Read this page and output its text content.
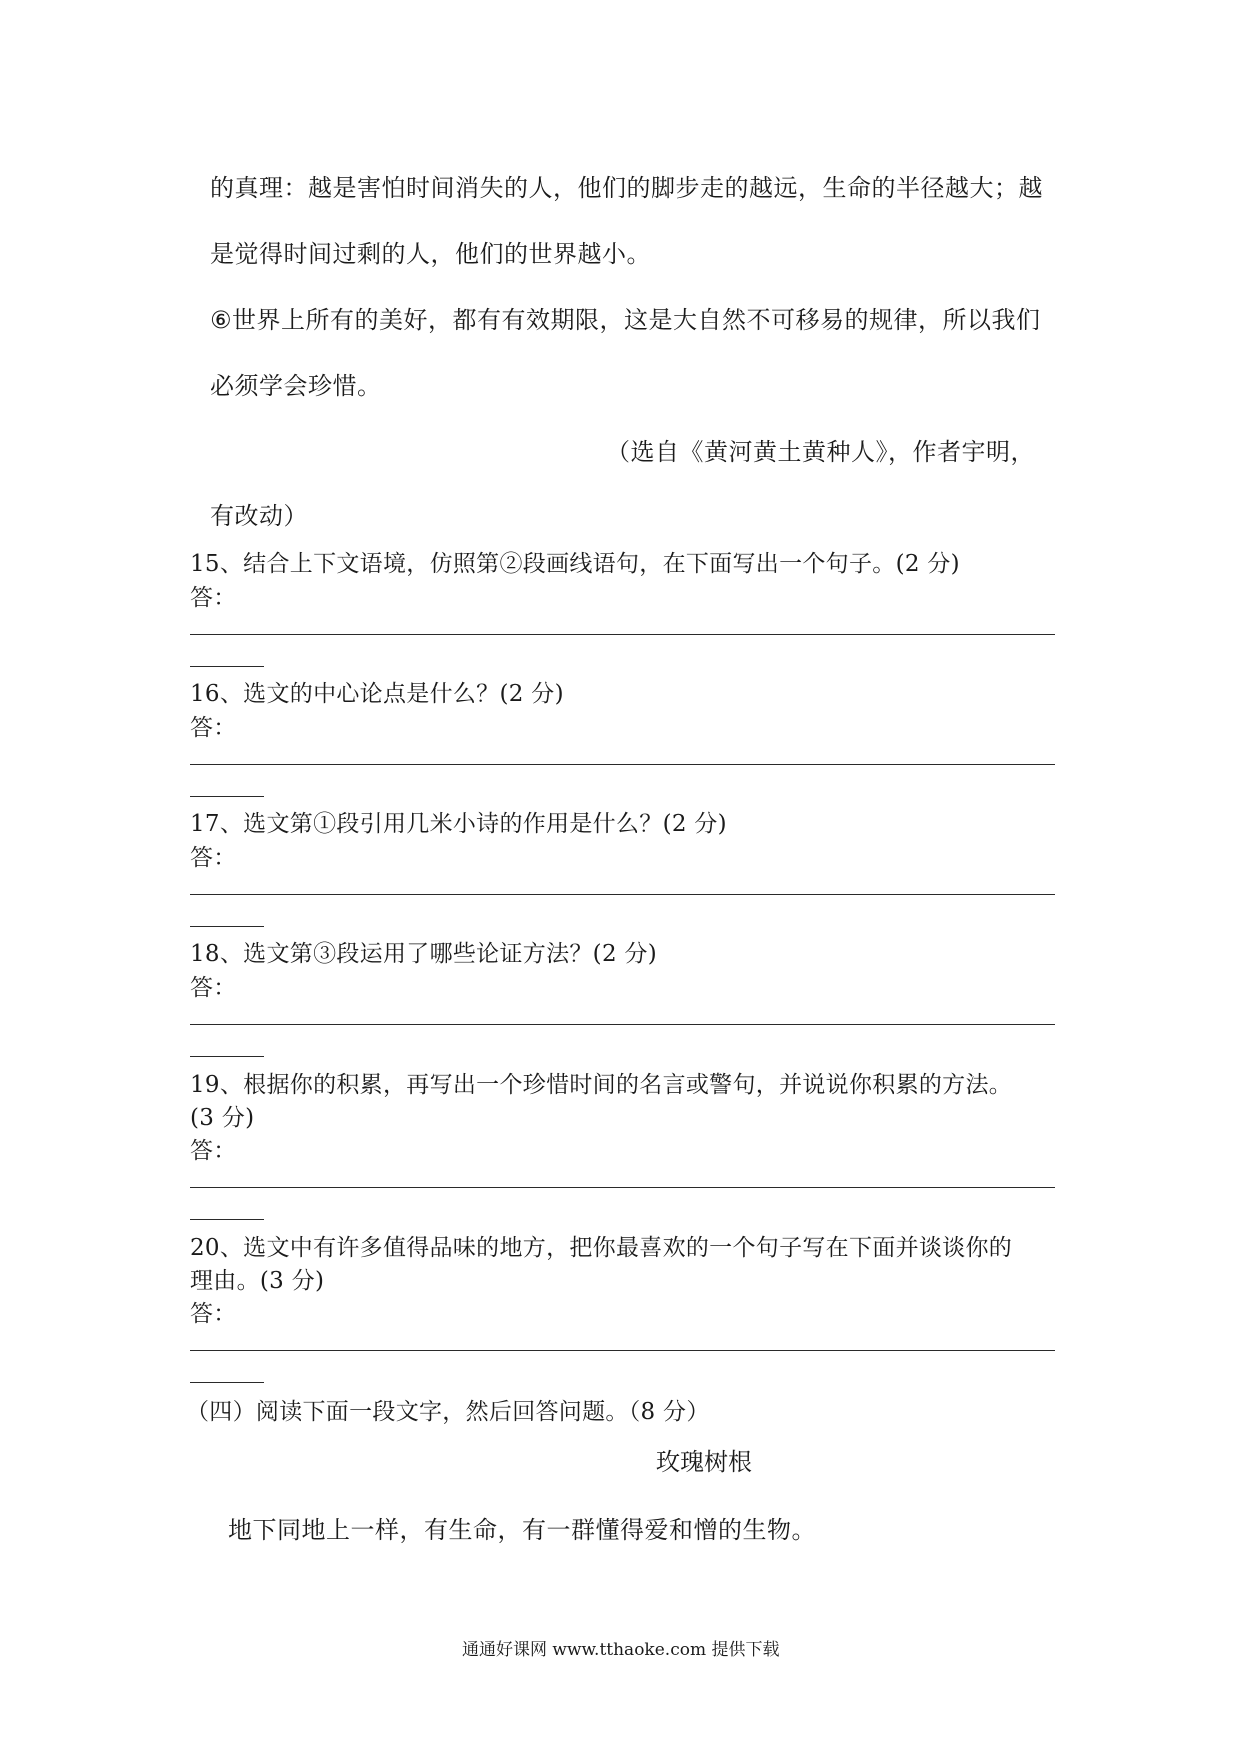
的真理：越是害怕时间消失的人，他们的脚步走的越远，生命的半径越大；越
是觉得时间过剩的人，他们的世界越小。
⑥世界上所有的美好，都有有效期限，这是大自然不可移易的规律，所以我们
必须学会珍惜。
（选自《黄河黄土黄种人》，作者宇明，
有改动）
15、结合上下文语境，仿照第②段画线语句，在下面写出一个句子。(2 分)
答：
16、选文的中心论点是什么？(2 分)
答：
17、选文第①段引用几米小诗的作用是什么？(2 分)
答：
18、选文第③段运用了哪些论证方法？(2 分)
答：
19、根据你的积累，再写出一个珍惜时间的名言或警句，并说说你积累的方法。
(3 分)
答：
20、选文中有许多值得品味的地方，把你最喜欢的一个句子写在下面并谈谈你的
理由。(3 分)
答：
（四）阅读下面一段文字，然后回答问题。（8 分）
玫瑰树根
地下同地上一样，有生命，有一群懂得爱和憎的生物。
通通好课网 www.tthaoke.com 提供下载
